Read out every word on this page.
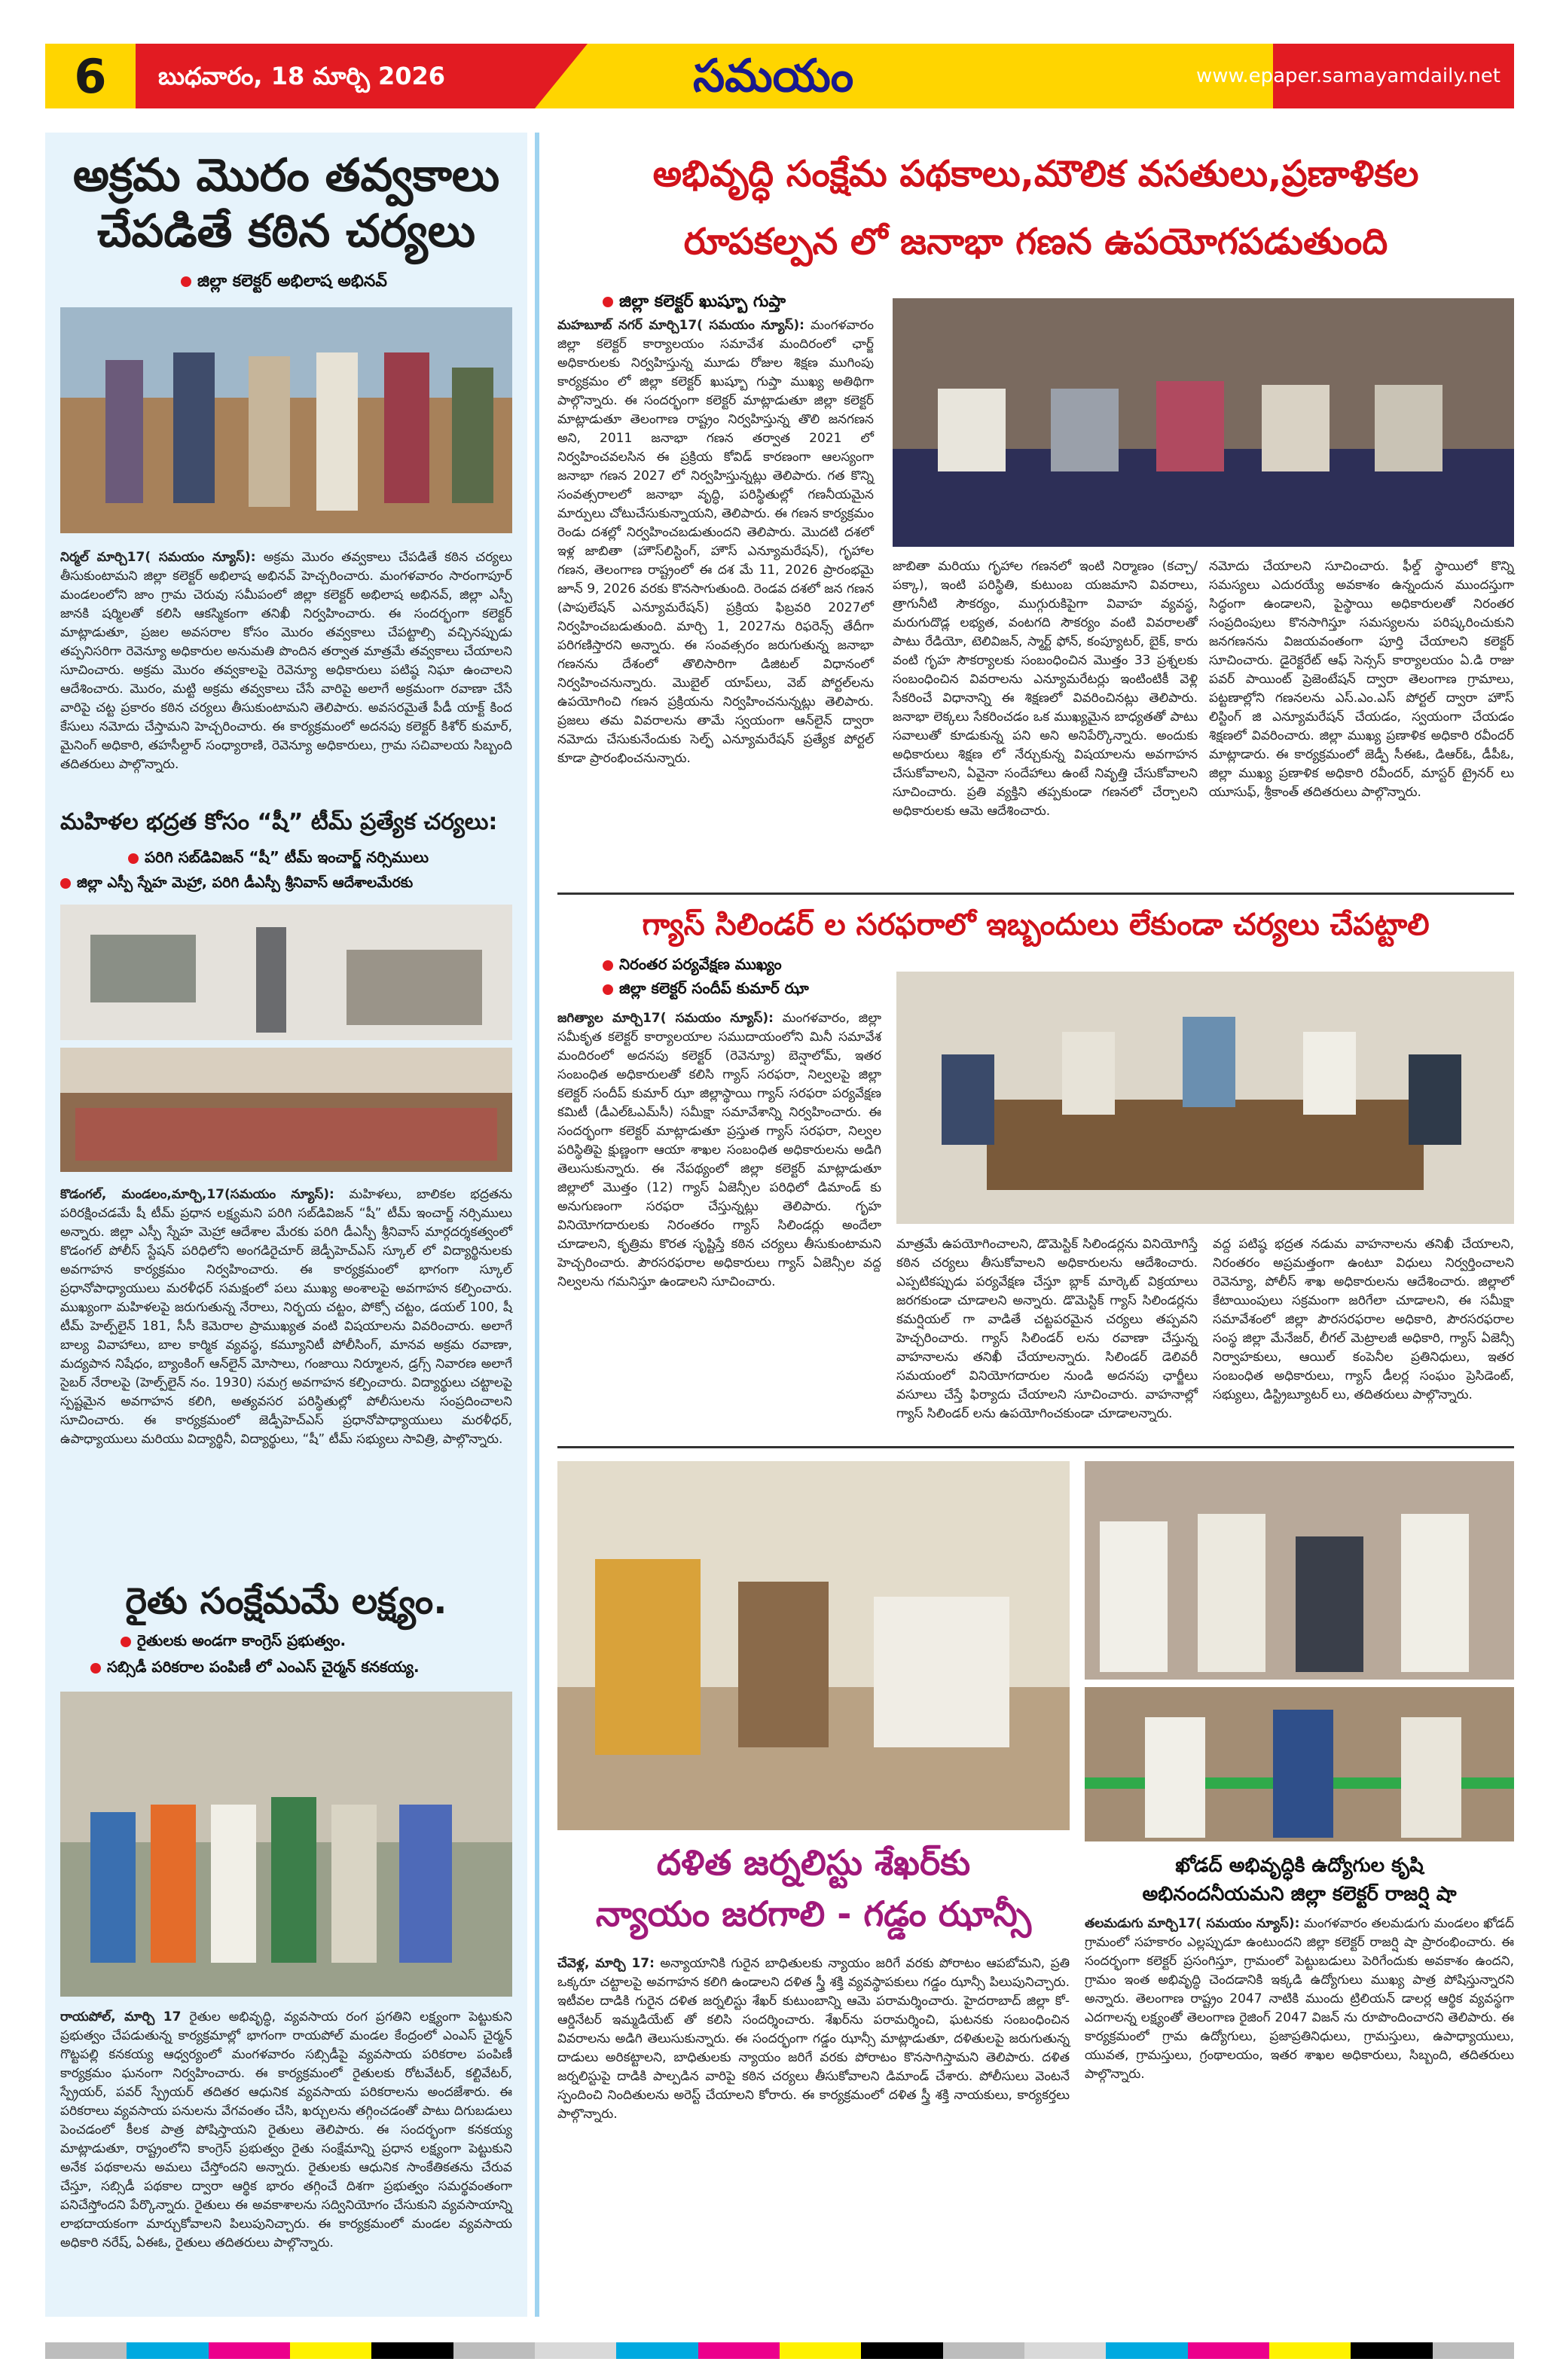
6	బుధవారం, 18 మార్చి 2026	సమయం	www.epaper.samayamdaily.net
అక్రమ మొరం తవ్వకాలు చేపడితే కఠిన చర్యలు
జిల్లా కలెక్టర్ అభిలాష అభినవ్
నిర్మల్ మార్చి17( సమయం న్యూస్): అక్రమ మొరం తవ్వకాలు చేపడితే కఠిన చర్యలు తీసుకుంటామని జిల్లా కలెక్టర్ అభిలాష అభినవ్ హెచ్చరించారు. మంగళవారం సారంగాపూర్ మండలంలోని జాం గ్రామ చెరువు సమీపంలో జిల్లా కలెక్టర్ అభిలాష అభినవ్, జిల్లా ఎస్పీ జానకి షర్మిలతో కలిసి ఆకస్మికంగా తనిఖీ నిర్వహించారు. ఈ సందర్భంగా కలెక్టర్ మాట్లాడుతూ, ప్రజల అవసరాల కోసం మొరం తవ్వకాలు చేపట్టాల్సి వచ్చినప్పుడు తప్పనిసరిగా రెవెన్యూ అధికారుల అనుమతి పొందిన తర్వాత మాత్రమే తవ్వకాలు చేయాలని సూచించారు. అక్రమ మొరం తవ్వకాలపై రెవెన్యూ అధికారులు పటిష్ఠ నిఘా ఉంచాలని ఆదేశించారు. మొరం, మట్టి అక్రమ తవ్వకాలు చేసే వారిపై అలాగే అక్రమంగా రవాణా చేసే వారిపై చట్ట ప్రకారం కఠిన చర్యలు తీసుకుంటామని తెలిపారు. అవసరమైతే పీడీ యాక్ట్ కింద కేసులు నమోదు చేస్తామని హెచ్చరించారు. ఈ కార్యక్రమంలో అదనపు కలెక్టర్ కిశోర్ కుమార్, మైనింగ్ అధికారి, తహసీల్దార్ సంధ్యారాణి, రెవెన్యూ అధికారులు, గ్రామ సచివాలయ సిబ్బంది తదితరులు పాల్గొన్నారు.
మహిళల భద్రత కోసం “షీ” టీమ్ ప్రత్యేక చర్యలు:
పరిగి సబ్‌డివిజన్ “షీ” టీమ్ ఇంచార్జ్ నర్సిములు
జిల్లా ఎస్పీ స్నేహ మెహ్రా, పరిగి డీఎస్పీ శ్రీనివాస్ ఆదేశాలమేరకు
కొడంగల్, మండలం,మార్చి,17(సమయం న్యూస్): మహిళలు, బాలికల భద్రతను పరిరక్షించడమే షీ టీమ్ ప్రధాన లక్ష్యమని పరిగి సబ్‌డివిజన్ “షీ” టీమ్ ఇంచార్జ్ నర్సిములు అన్నారు. జిల్లా ఎస్పీ స్నేహ మెహ్రా ఆదేశాల మేరకు పరిగి డీఎస్పీ శ్రీనివాస్ మార్గదర్శకత్వంలో కొడంగల్ పోలీస్ స్టేషన్ పరిధిలోని అంగడిరైచూర్ జెడ్పీహెచ్ఎస్ స్కూల్ లో విద్యార్థినులకు అవగాహన కార్యక్రమం నిర్వహించారు. ఈ కార్యక్రమంలో భాగంగా స్కూల్ ప్రధానోపాధ్యాయులు మరళీధర్ సమక్షంలో పలు ముఖ్య అంశాలపై అవగాహన కల్పించారు. ముఖ్యంగా మహిళలపై జరుగుతున్న నేరాలు, నిర్భయ చట్టం, పోక్సో చట్టం, డయల్ 100, షీ టీమ్ హెల్ప్‌లైన్ 181, సీసీ కెమెరాల ప్రాముఖ్యత వంటి విషయాలను వివరించారు. అలాగే బాల్య వివాహాలు, బాల కార్మిక వ్యవస్థ, కమ్యూనిటీ పోలీసింగ్, మానవ అక్రమ రవాణా, మద్యపాన నిషేధం, బ్యాంకింగ్ ఆన్‌లైన్ మోసాలు, గంజాయి నిర్మూలన, డ్రగ్స్ నివారణ అలాగే సైబర్ నేరాలపై (హెల్ప్‌లైన్ నం. 1930) సమగ్ర అవగాహన కల్పించారు. విద్యార్థులు చట్టాలపై స్పష్టమైన అవగాహన కలిగి, అత్యవసర పరిస్థితుల్లో పోలీసులను సంప్రదించాలని సూచించారు. ఈ కార్యక్రమంలో జెడ్పీహెచ్ఎస్ ప్రధానోపాధ్యాయులు మరళీధర్, ఉపాధ్యాయులు మరియు విద్యార్థినీ, విద్యార్థులు, “షీ” టీమ్ సభ్యులు సావిత్రి, పాల్గొన్నారు.
రైతు సంక్షేమమే లక్ష్యం.
రైతులకు అండగా కాంగ్రెస్ ప్రభుత్వం.
సబ్సిడీ పరికరాల పంపిణీ లో ఎంఎస్ చైర్మన్ కనకయ్య.
రాయపోల్, మార్చి 17 రైతుల అభివృద్ధి, వ్యవసాయ రంగ ప్రగతిని లక్ష్యంగా పెట్టుకుని ప్రభుత్వం చేపడుతున్న కార్యక్రమాల్లో భాగంగా రాయపోల్ మండల కేంద్రంలో ఎంఎస్ చైర్మన్ గొట్టపల్లి కనకయ్య ఆధ్వర్యంలో మంగళవారం సబ్సిడీపై వ్యవసాయ పరికరాల పంపిణీ కార్యక్రమం ఘనంగా నిర్వహించారు. ఈ కార్యక్రమంలో రైతులకు రోటవేటర్, కల్టివేటర్, స్ప్రేయర్, పవర్ స్ప్రేయర్ తదితర ఆధునిక వ్యవసాయ పరికరాలను అందజేశారు. ఈ పరికరాలు వ్యవసాయ పనులను వేగవంతం చేసి, ఖర్చులను తగ్గించడంతో పాటు దిగుబడులు పెంచడంలో కీలక పాత్ర పోషిస్తాయని రైతులు తెలిపారు. ఈ సందర్భంగా కనకయ్య మాట్లాడుతూ, రాష్ట్రంలోని కాంగ్రెస్ ప్రభుత్వం రైతు సంక్షేమాన్ని ప్రధాన లక్ష్యంగా పెట్టుకుని అనేక పథకాలను అమలు చేస్తోందని అన్నారు. రైతులకు ఆధునిక సాంకేతికతను చేరువ చేస్తూ, సబ్సిడీ పథకాల ద్వారా ఆర్థిక భారం తగ్గించే దిశగా ప్రభుత్వం సమర్థవంతంగా పనిచేస్తోందని పేర్కొన్నారు. రైతులు ఈ అవకాశాలను సద్వినియోగం చేసుకుని వ్యవసాయాన్ని లాభదాయకంగా మార్చుకోవాలని పిలుపునిచ్చారు. ఈ కార్యక్రమంలో మండల వ్యవసాయ అధికారి నరేష్, ఏఈఓ, రైతులు తదితరులు పాల్గొన్నారు.
అభివృద్ధి సంక్షేమ పథకాలు,మౌలిక వసతులు,ప్రణాళికల
రూపకల్పన లో జనాభా గణన ఉపయోగపడుతుంది
జిల్లా కలెక్టర్ ఖుష్బూ గుప్తా
మహబూబ్ నగర్ మార్చి17( సమయం న్యూస్): మంగళవారం జిల్లా కలెక్టర్ కార్యాలయం సమావేశ మందిరంలో ఛార్జ్ అధికారులకు నిర్వహిస్తున్న మూడు రోజుల శిక్షణ ముగింపు కార్యక్రమం లో జిల్లా కలెక్టర్ ఖుష్బూ గుప్తా ముఖ్య అతిథిగా పాల్గొన్నారు. ఈ సందర్భంగా కలెక్టర్ మాట్లాడుతూ జిల్లా కలెక్టర్ మాట్లాడుతూ తెలంగాణ రాష్ట్రం నిర్వహిస్తున్న తొలి జనగణన అని, 2011 జనాభా గణన తర్వాత 2021 లో నిర్వహించవలసిన ఈ ప్రక్రియ కోవిడ్ కారణంగా ఆలస్యంగా జనాభా గణన 2027 లో నిర్వహిస్తున్నట్లు తెలిపారు. గత కొన్ని సంవత్సరాలలో జనాభా వృద్ధి, పరిస్థితుల్లో గణనీయమైన మార్పులు చోటుచేసుకున్నాయని, తెలిపారు. ఈ గణన కార్యక్రమం రెండు దశల్లో నిర్వహించబడుతుందని తెలిపారు. మొదటి దశలో ఇళ్ల జాబితా (హౌస్‌లిస్టింగ్, హౌస్ ఎన్యూమరేషన్), గృహాల గణన, తెలంగాణ రాష్ట్రంలో ఈ దశ మే 11, 2026 ప్రారంభమై జూన్ 9, 2026 వరకు కొనసాగుతుంది. రెండవ దశలో జన గణన (పాపులేషన్ ఎన్యూమరేషన్) ప్రక్రియ ఫిబ్రవరి 2027లో నిర్వహించబడుతుంది. మార్చి 1, 2027ను రిఫరెన్స్ తేదీగా పరిగణిస్తారని అన్నారు. ఈ సంవత్సరం జరుగుతున్న జనాభా గణనను దేశంలో తొలిసారిగా డిజిటల్ విధానంలో నిర్వహించనున్నారు. మొబైల్ యాప్‌లు, వెబ్ పోర్టల్‌లను ఉపయోగించి గణన ప్రక్రియను నిర్వహించనున్నట్లు తెలిపారు. ప్రజలు తమ వివరాలను తామే స్వయంగా ఆన్‌లైన్ ద్వారా నమోదు చేసుకునేందుకు సెల్ఫ్ ఎన్యూమరేషన్ ప్రత్యేక పోర్టల్ కూడా ప్రారంభించనున్నారు.
జాబితా మరియు గృహాల గణనలో ఇంటి నిర్మాణం (కచ్చా/పక్కా), ఇంటి పరిస్థితి, కుటుంబ యజమాని వివరాలు, త్రాగునీటి సౌకర్యం, ముగ్గురుకిపైగా వివాహ వ్యవస్థ, మరుగుదొడ్ల లభ్యత, వంటగది సౌకర్యం వంటి వివరాలతో పాటు రేడియో, టెలివిజన్, స్మార్ట్ ఫోన్, కంప్యూటర్, బైక్, కారు వంటి గృహ సౌకర్యాలకు సంబంధించిన మొత్తం 33 ప్రశ్నలకు సంబంధించిన వివరాలను ఎన్యూమరేటర్లు ఇంటింటికీ వెళ్లి సేకరించే విధానాన్ని ఈ శిక్షణలో వివరించినట్లు తెలిపారు. జనాభా లెక్కలు సేకరించడం ఒక ముఖ్యమైన బాధ్యతతో పాటు సవాలుతో కూడుకున్న పని అని అనిపేర్కొన్నారు. అందుకు అధికారులు శిక్షణ లో నేర్చుకున్న విషయాలను అవగాహన చేసుకోవాలని, ఏవైనా సందేహాలు ఉంటే నివృత్తి చేసుకోవాలని సూచించారు. ప్రతి వ్యక్తిని తప్పకుండా గణనలో చేర్చాలని అధికారులకు ఆమె ఆదేశించారు.
నమోదు చేయాలని సూచించారు. ఫీల్డ్ స్థాయిలో కొన్ని సమస్యలు ఎదురయ్యే అవకాశం ఉన్నందున ముందస్తుగా సిద్ధంగా ఉండాలని, పైస్థాయి అధికారులతో నిరంతర సంప్రదింపులు కొనసాగిస్తూ సమస్యలను పరిష్కరించుకుని జనగణనను విజయవంతంగా పూర్తి చేయాలని కలెక్టర్ సూచించారు. డైరెక్టరేట్ ఆఫ్ సెన్సస్ కార్యాలయం ఏ.డి రాజు పవర్ పాయింట్ ప్రెజెంటేషన్ ద్వారా తెలంగాణ గ్రామాలు, పట్టణాల్లోని గణనలను ఎస్.ఎం.ఎస్ పోర్టల్ ద్వారా హౌస్ లిస్టింగ్ జి ఎన్యూమరేషన్ చేయడం, స్వయంగా చేయడం శిక్షణలో వివరించారు. జిల్లా ముఖ్య ప్రణాళిక అధికారి రవీందర్ మాట్లాడారు. ఈ కార్యక్రమంలో జెడ్పీ సీఈఓ, డిఆర్ఓ, డీపీఓ, జిల్లా ముఖ్య ప్రణాళిక అధికారి రవీందర్, మాస్టర్ ట్రైనర్ లు యూసుఫ్, శ్రీకాంత్ తదితరులు పాల్గొన్నారు.
గ్యాస్ సిలిండర్ ల సరఫరాలో ఇబ్బందులు లేకుండా చర్యలు చేపట్టాలి
నిరంతర పర్యవేక్షణ ముఖ్యం
జిల్లా కలెక్టర్ సందీప్ కుమార్ ఝా
జగిత్యాల మార్చి17( సమయం న్యూస్): మంగళవారం, జిల్లా సమీకృత కలెక్టర్ కార్యాలయాల సముదాయంలోని మినీ సమావేశ మందిరంలో అదనపు కలెక్టర్ (రెవెన్యూ) బెన్షాలోమ్, ఇతర సంబంధిత అధికారులతో కలిసి గ్యాస్ సరఫరా, నిల్వలపై జిల్లా కలెక్టర్ సందీప్ కుమార్ ఝా జిల్లాస్థాయి గ్యాస్ సరఫరా పర్యవేక్షణ కమిటీ (డీఎల్‌ఓఎమ్‌సీ) సమీక్షా సమావేశాన్ని నిర్వహించారు. ఈ సందర్భంగా కలెక్టర్ మాట్లాడుతూ ప్రస్తుత గ్యాస్ సరఫరా, నిల్వల పరిస్థితిపై క్షుణ్ణంగా ఆయా శాఖల సంబంధిత అధికారులను అడిగి తెలుసుకున్నారు. ఈ నేపథ్యంలో జిల్లా కలెక్టర్ మాట్లాడుతూ జిల్లాలో మొత్తం (12) గ్యాస్ ఏజెన్సీల పరిధిలో డిమాండ్ కు అనుగుణంగా సరఫరా చేస్తున్నట్లు తెలిపారు. గృహ వినియోగదారులకు నిరంతరం గ్యాస్ సిలిండర్లు అందేలా చూడాలని, కృత్రిమ కొరత సృష్టిస్తే కఠిన చర్యలు తీసుకుంటామని హెచ్చరించారు. పౌరసరఫరాల అధికారులు గ్యాస్ ఏజెన్సీల వద్ద నిల్వలను గమనిస్తూ ఉండాలని సూచించారు.
మాత్రమే ఉపయోగించాలని, డొమెస్టిక్ సిలిండర్లను వినియోగిస్తే కఠిన చర్యలు తీసుకోవాలని అధికారులను ఆదేశించారు. ఎప్పటికప్పుడు పర్యవేక్షణ చేస్తూ బ్లాక్ మార్కెట్ విక్రయాలు జరగకుండా చూడాలని అన్నారు. డొమెస్టిక్ గ్యాస్ సిలిండర్లను కమర్షియల్ గా వాడితే చట్టపరమైన చర్యలు తప్పవని హెచ్చరించారు. గ్యాస్ సిలిండర్ లను రవాణా చేస్తున్న వాహనాలను తనిఖీ చేయాలన్నారు. సిలిండర్ డెలివరీ సమయంలో వినియోగదారుల నుండి అదనపు ఛార్జీలు వసూలు చేస్తే ఫిర్యాదు చేయాలని సూచించారు. వాహనాల్లో గ్యాస్ సిలిండర్ లను ఉపయోగించకుండా చూడాలన్నారు.
వద్ద పటిష్ఠ భద్రత నడుమ వాహనాలను తనిఖీ చేయాలని, నిరంతరం అప్రమత్తంగా ఉంటూ విధులు నిర్వర్తించాలని రెవెన్యూ, పోలీస్ శాఖ అధికారులను ఆదేశించారు. జిల్లాలో కేటాయింపులు సక్రమంగా జరిగేలా చూడాలని, ఈ సమీక్షా సమావేశంలో జిల్లా పౌరసరఫరాల అధికారి, పౌరసరఫరాల సంస్థ జిల్లా మేనేజర్, లీగల్ మెట్రాలజీ అధికారి, గ్యాస్ ఏజెన్సీ నిర్వాహకులు, ఆయిల్ కంపెనీల ప్రతినిధులు, ఇతర సంబంధిత అధికారులు, గ్యాస్ డీలర్ల సంఘం ప్రెసిడెంట్, సభ్యులు, డిస్ట్రిబ్యూటర్ లు, తదితరులు పాల్గొన్నారు.
దళిత జర్నలిస్టు శేఖర్‌కు
న్యాయం జరగాలి - గడ్డం ఝాన్సీ
చేవెళ్ల, మార్చి 17: అన్యాయానికి గురైన బాధితులకు న్యాయం జరిగే వరకు పోరాటం ఆపబోమని, ప్రతి ఒక్కరూ చట్టాలపై అవగాహన కలిగి ఉండాలని దళిత స్త్రీ శక్తి వ్యవస్థాపకులు గడ్డం ఝాన్సీ పిలుపునిచ్చారు. ఇటీవల దాడికి గురైన దళిత జర్నలిస్టు శేఖర్ కుటుంబాన్ని ఆమె పరామర్శించారు. హైదరాబాద్ జిల్లా కో-ఆర్డినేటర్ ఇమ్మడియేట్ తో కలిసి సందర్శించారు. శేఖర్‌ను పరామర్శించి, ఘటనకు సంబంధించిన వివరాలను అడిగి తెలుసుకున్నారు. ఈ సందర్భంగా గడ్డం ఝాన్సీ మాట్లాడుతూ, దళితులపై జరుగుతున్న దాడులు అరికట్టాలని, బాధితులకు న్యాయం జరిగే వరకు పోరాటం కొనసాగిస్తామని తెలిపారు. దళిత జర్నలిస్టుపై దాడికి పాల్పడిన వారిపై కఠిన చర్యలు తీసుకోవాలని డిమాండ్ చేశారు. పోలీసులు వెంటనే స్పందించి నిందితులను అరెస్ట్ చేయాలని కోరారు. ఈ కార్యక్రమంలో దళిత స్త్రీ శక్తి నాయకులు, కార్యకర్తలు పాల్గొన్నారు.
ఖోడద్ అభివృద్ధికి ఉద్యోగుల కృషి
అభినందనీయమని జిల్లా కలెక్టర్ రాజర్షి షా
తలమడుగు మార్చి17( సమయం న్యూస్): మంగళవారం తలమడుగు మండలం ఖోడద్ గ్రామంలో సహకారం ఎల్లప్పుడూ ఉంటుందని జిల్లా కలెక్టర్ రాజర్షి షా ప్రారంభించారు. ఈ సందర్భంగా కలెక్టర్ ప్రసంగిస్తూ, గ్రామంలో పెట్టుబడులు పెరిగేందుకు అవకాశం ఉందని, గ్రామం ఇంత అభివృద్ధి చెందడానికి ఇక్కడి ఉద్యోగులు ముఖ్య పాత్ర పోషిస్తున్నారని అన్నారు. తెలంగాణ రాష్ట్రం 2047 నాటికి ముందు ట్రిలియన్ డాలర్ల ఆర్థిక వ్యవస్థగా ఎదగాలన్న లక్ష్యంతో తెలంగాణ రైజింగ్ 2047 విజన్ ను రూపొందించారని తెలిపారు. ఈ కార్యక్రమంలో గ్రామ ఉద్యోగులు, ప్రజాప్రతినిధులు, గ్రామస్తులు, ఉపాధ్యాయులు, యువత, గ్రామస్తులు, గ్రంథాలయం, ఇతర శాఖల అధికారులు, సిబ్బంది, తదితరులు పాల్గొన్నారు.
